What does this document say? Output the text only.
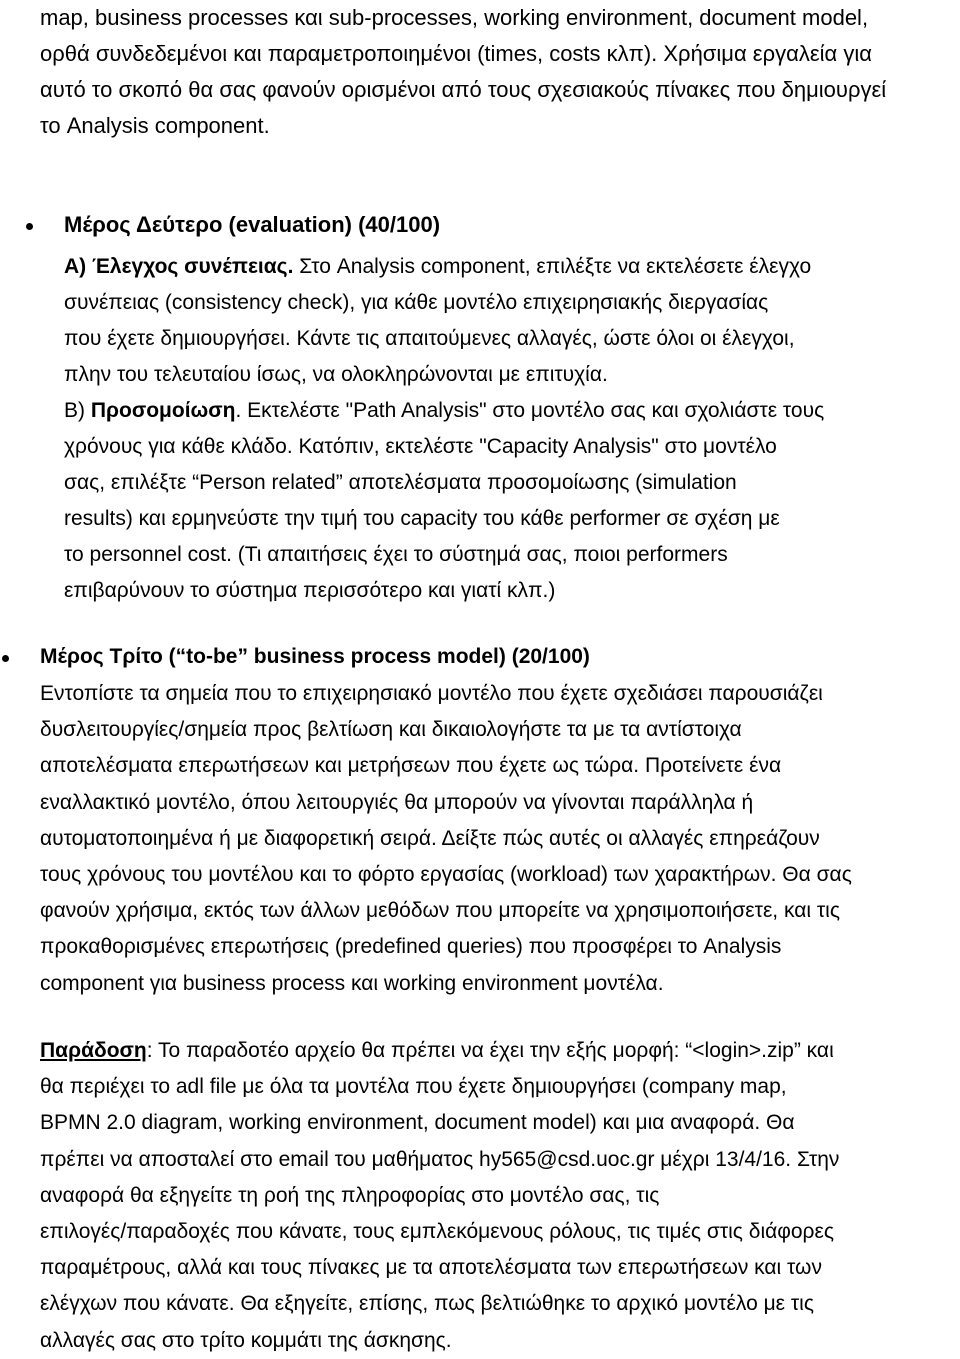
map, business processes και sub-processes, working environment, document model,
ορθά συνδεδεμένοι και παραμετροποιημένοι (times, costs κλπ). Χρήσιμα εργαλεία για
αυτό το σκοπό θα σας φανούν ορισμένοι από τους σχεσιακούς πίνακες που δημιουργεί
το Analysis component.
Μέρος Δεύτερο (evaluation) (40/100)
Α) Έλεγχος συνέπειας. Στο Analysis component, επιλέξτε να εκτελέσετε έλεγχο
συνέπειας (consistency check), για κάθε μοντέλο επιχειρησιακής διεργασίας
που έχετε δημιουργήσει. Κάντε τις απαιτούμενες αλλαγές, ώστε όλοι οι έλεγχοι,
πλην του τελευταίου ίσως, να ολοκληρώνονται με επιτυχία.
Β) Προσομοίωση. Εκτελέστε "Path Analysis" στο μοντέλο σας και σχολιάστε τους
χρόνους για κάθε κλάδο. Κατόπιν, εκτελέστε "Capacity Analysis" στο μοντέλο
σας, επιλέξτε “Person related” αποτελέσματα προσομοίωσης (simulation
results) και ερμηνεύστε την τιμή του capacity του κάθε performer σε σχέση με
το personnel cost. (Τι απαιτήσεις έχει το σύστημά σας, ποιοι performers
επιβαρύνουν το σύστημα περισσότερο και γιατί κλπ.)
Μέρος Τρίτο (“to-be” business process model) (20/100)
Εντοπίστε τα σημεία που το επιχειρησιακό μοντέλο που έχετε σχεδιάσει παρουσιάζει
δυσλειτουργίες/σημεία προς βελτίωση και δικαιολογήστε τα με τα αντίστοιχα
αποτελέσματα επερωτήσεων και μετρήσεων που έχετε ως τώρα. Προτείνετε ένα
εναλλακτικό μοντέλο, όπου λειτουργιές θα μπορούν να γίνονται παράλληλα ή
αυτοματοποιημένα ή με διαφορετική σειρά. Δείξτε πώς αυτές οι αλλαγές επηρεάζουν
τους χρόνους του μοντέλου και το φόρτο εργασίας (workload) των χαρακτήρων. Θα σας
φανούν χρήσιμα, εκτός των άλλων μεθόδων που μπορείτε να χρησιμοποιήσετε, και τις
προκαθορισμένες επερωτήσεις (predefined queries) που προσφέρει το Analysis
component για business process και working environment μοντέλα.
Παράδοση: Το παραδοτέο αρχείο θα πρέπει να έχει την εξής μορφή: “<login>.zip” και
θα περιέχει το adl file με όλα τα μοντέλα που έχετε δημιουργήσει (company map,
BPMN 2.0 diagram, working environment, document model) και μια αναφορά. Θα
πρέπει να αποσταλεί στο email του μαθήματος hy565@csd.uoc.gr μέχρι 13/4/16. Στην
αναφορά θα εξηγείτε τη ροή της πληροφορίας στο μοντέλο σας, τις
επιλογές/παραδοχές που κάνατε, τους εμπλεκόμενους ρόλους, τις τιμές στις διάφορες
παραμέτρους, αλλά και τους πίνακες με τα αποτελέσματα των επερωτήσεων και των
ελέγχων που κάνατε. Θα εξηγείτε, επίσης, πως βελτιώθηκε το αρχικό μοντέλο με τις
αλλαγές σας στο τρίτο κομμάτι της άσκησης.
